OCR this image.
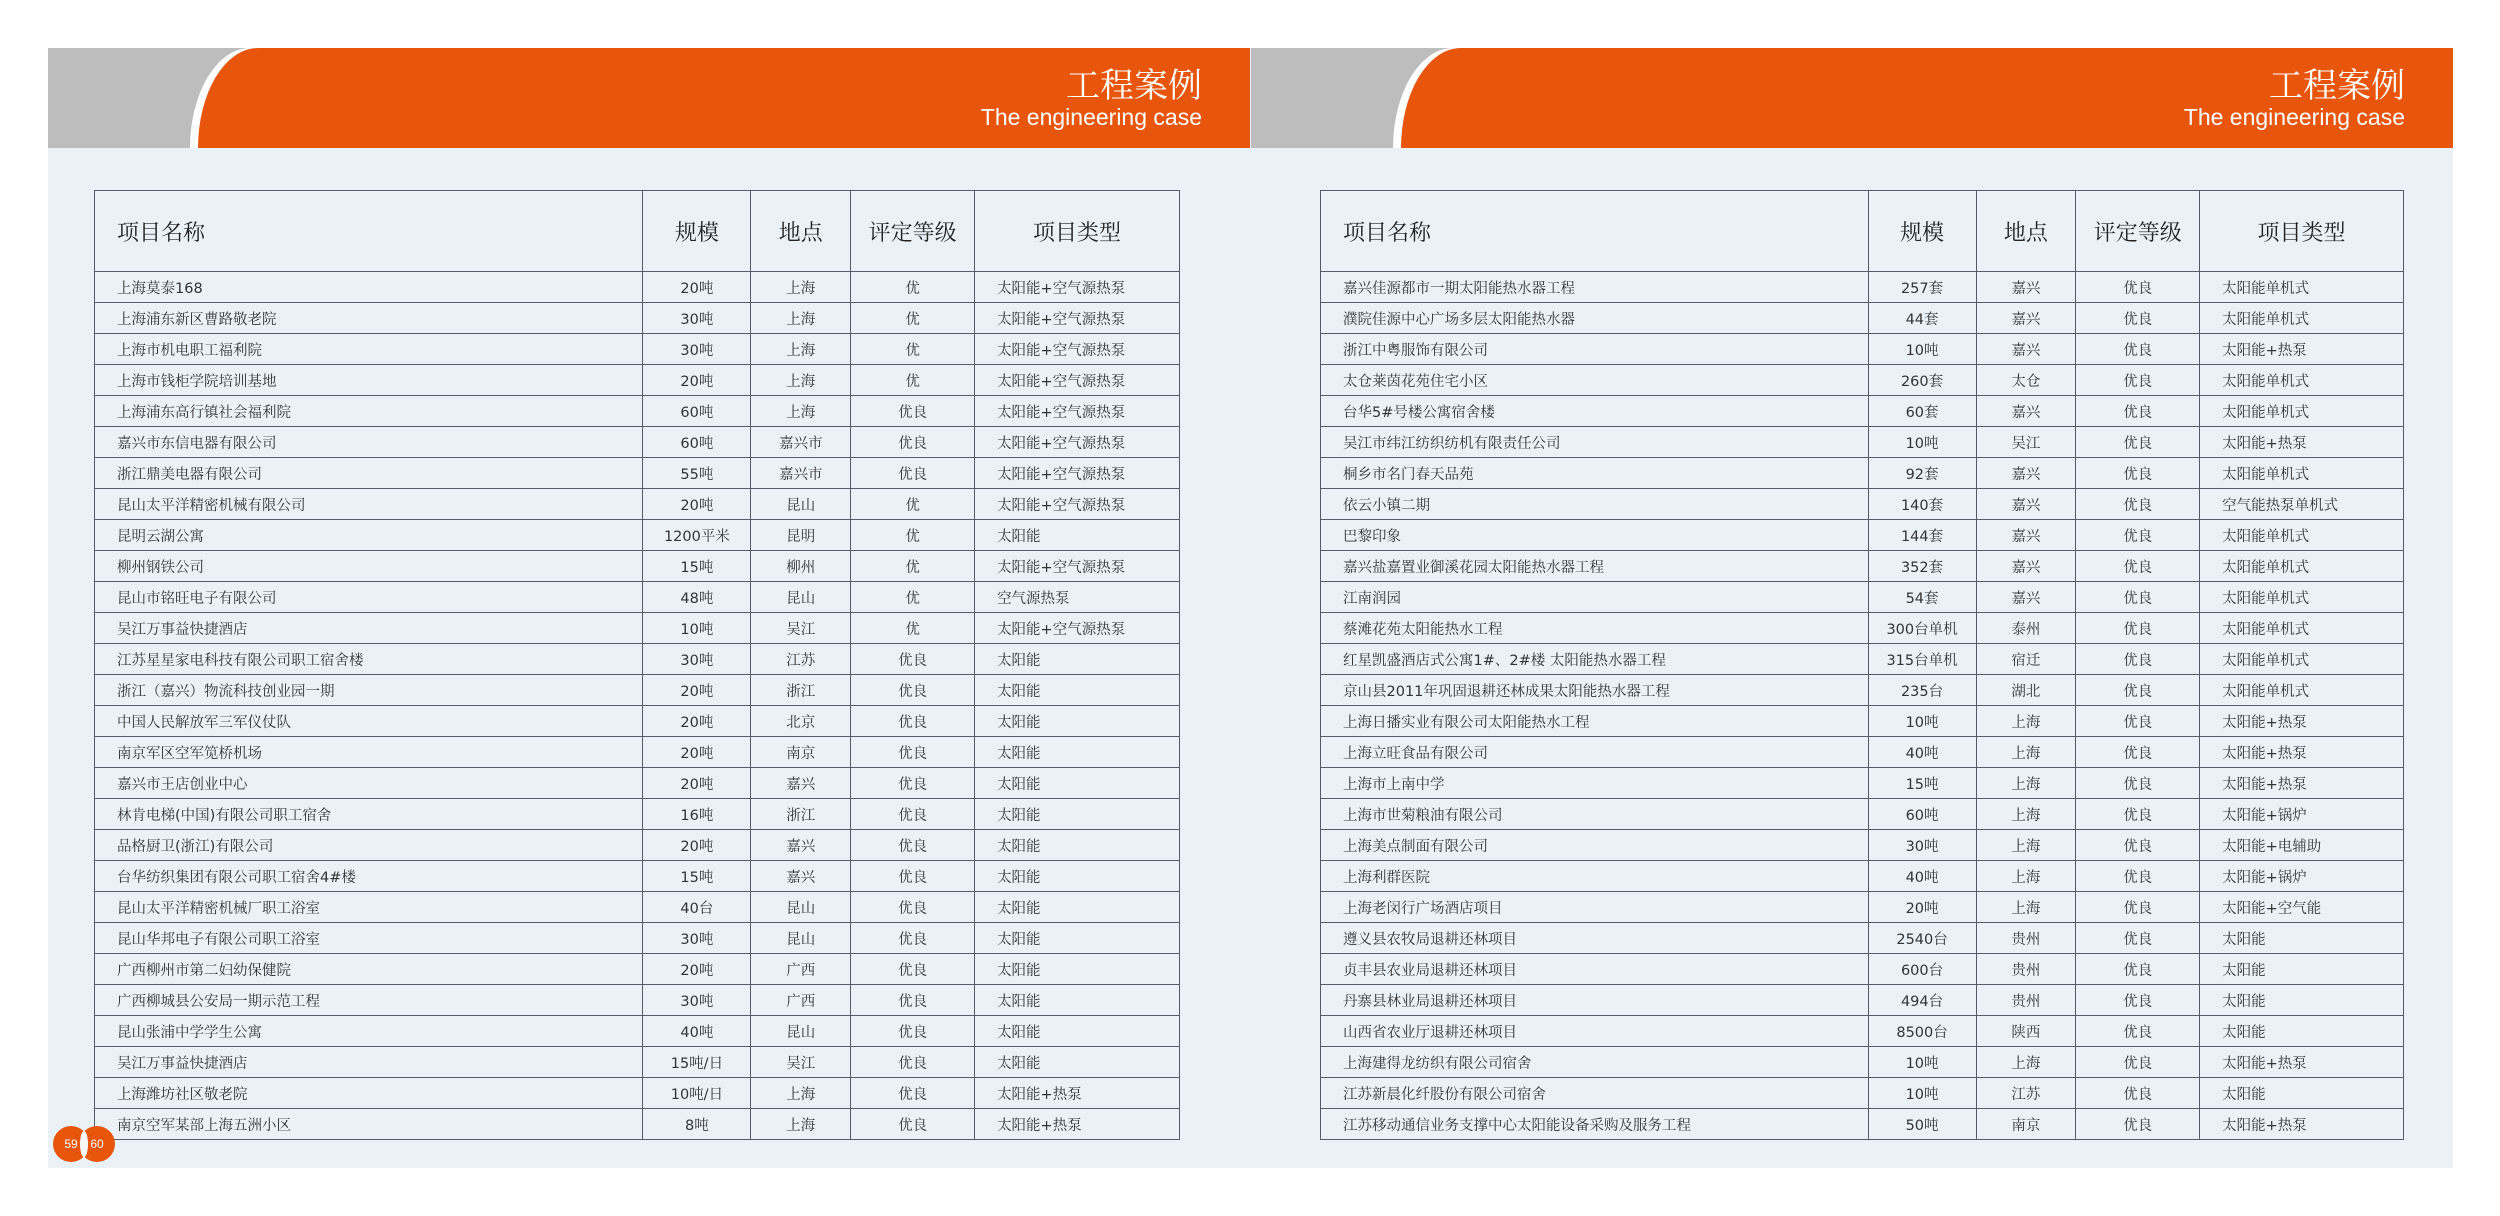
工程案例
The engineering case
项目名称	规模	地点	评定等级	项目类型
上海莫泰168	20吨	上海	优	太阳能+空气源热泵
上海浦东新区曹路敬老院	30吨	上海	优	太阳能+空气源热泵
上海市机电职工福利院	30吨	上海	优	太阳能+空气源热泵
上海市钱柜学院培训基地	20吨	上海	优	太阳能+空气源热泵
上海浦东高行镇社会福利院	60吨	上海	优良	太阳能+空气源热泵
嘉兴市东信电器有限公司	60吨	嘉兴市	优良	太阳能+空气源热泵
浙江鼎美电器有限公司	55吨	嘉兴市	优良	太阳能+空气源热泵
昆山太平洋精密机械有限公司	20吨	昆山	优	太阳能+空气源热泵
昆明云湖公寓	1200平米	昆明	优	太阳能
柳州钢铁公司	15吨	柳州	优	太阳能+空气源热泵
昆山市铭旺电子有限公司	48吨	昆山	优	空气源热泵
吴江万事益快捷酒店	10吨	吴江	优	太阳能+空气源热泵
江苏星星家电科技有限公司职工宿舍楼	30吨	江苏	优良	太阳能
浙江（嘉兴）物流科技创业园一期	20吨	浙江	优良	太阳能
中国人民解放军三军仪仗队	20吨	北京	优良	太阳能
南京军区空军笕桥机场	20吨	南京	优良	太阳能
嘉兴市王店创业中心	20吨	嘉兴	优良	太阳能
林肯电梯(中国)有限公司职工宿舍	16吨	浙江	优良	太阳能
品格厨卫(浙江)有限公司	20吨	嘉兴	优良	太阳能
台华纺织集团有限公司职工宿舍4#楼	15吨	嘉兴	优良	太阳能
昆山太平洋精密机械厂职工浴室	40台	昆山	优良	太阳能
昆山华邦电子有限公司职工浴室	30吨	昆山	优良	太阳能
广西柳州市第二妇幼保健院	20吨	广西	优良	太阳能
广西柳城县公安局一期示范工程	30吨	广西	优良	太阳能
昆山张浦中学学生公寓	40吨	昆山	优良	太阳能
吴江万事益快捷酒店	15吨/日	吴江	优良	太阳能
上海潍坊社区敬老院	10吨/日	上海	优良	太阳能+热泵
南京空军某部上海五洲小区	8吨	上海	优良	太阳能+热泵
59	60
工程案例
The engineering case
项目名称	规模	地点	评定等级	项目类型
嘉兴佳源都市一期太阳能热水器工程	257套	嘉兴	优良	太阳能单机式
濮院佳源中心广场多层太阳能热水器	44套	嘉兴	优良	太阳能单机式
浙江中粤服饰有限公司	10吨	嘉兴	优良	太阳能+热泵
太仓莱茵花苑住宅小区	260套	太仓	优良	太阳能单机式
台华5#号楼公寓宿舍楼	60套	嘉兴	优良	太阳能单机式
吴江市纬江纺织纺机有限责任公司	10吨	吴江	优良	太阳能+热泵
桐乡市名门春天品苑	92套	嘉兴	优良	太阳能单机式
依云小镇二期	140套	嘉兴	优良	空气能热泵单机式
巴黎印象	144套	嘉兴	优良	太阳能单机式
嘉兴盐嘉置业御溪花园太阳能热水器工程	352套	嘉兴	优良	太阳能单机式
江南润园	54套	嘉兴	优良	太阳能单机式
蔡滩花苑太阳能热水工程	300台单机	泰州	优良	太阳能单机式
红星凯盛酒店式公寓1#、2#楼 太阳能热水器工程	315台单机	宿迁	优良	太阳能单机式
京山县2011年巩固退耕还林成果太阳能热水器工程	235台	湖北	优良	太阳能单机式
上海日播实业有限公司太阳能热水工程	10吨	上海	优良	太阳能+热泵
上海立旺食品有限公司	40吨	上海	优良	太阳能+热泵
上海市上南中学	15吨	上海	优良	太阳能+热泵
上海市世菊粮油有限公司	60吨	上海	优良	太阳能+锅炉
上海美点制面有限公司	30吨	上海	优良	太阳能+电辅助
上海利群医院	40吨	上海	优良	太阳能+锅炉
上海老闵行广场酒店项目	20吨	上海	优良	太阳能+空气能
遵义县农牧局退耕还林项目	2540台	贵州	优良	太阳能
贞丰县农业局退耕还林项目	600台	贵州	优良	太阳能
丹寨县林业局退耕还林项目	494台	贵州	优良	太阳能
山西省农业厅退耕还林项目	8500台	陕西	优良	太阳能
上海建得龙纺织有限公司宿舍	10吨	上海	优良	太阳能+热泵
江苏新晨化纤股份有限公司宿舍	10吨	江苏	优良	太阳能
江苏移动通信业务支撑中心太阳能设备采购及服务工程	50吨	南京	优良	太阳能+热泵
